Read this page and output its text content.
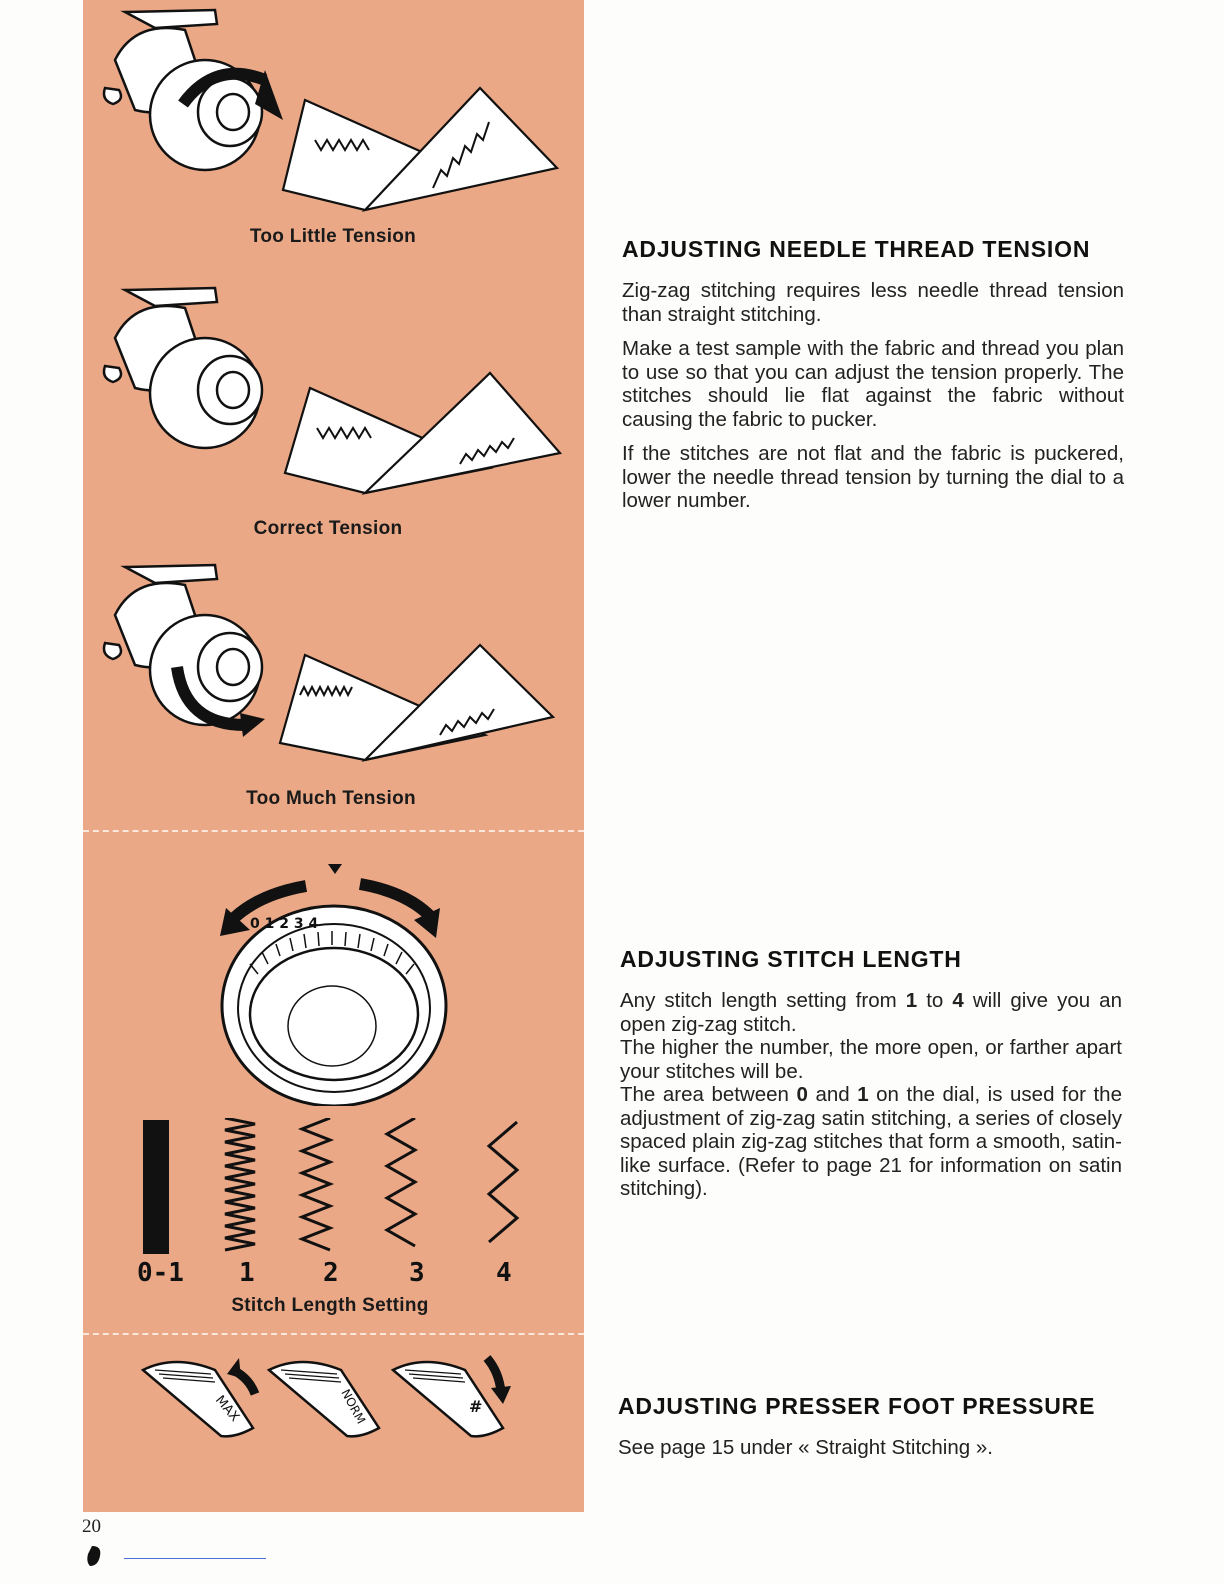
Too Little Tension
Correct Tension
Too Much Tension
0 1 2 3 4
0-1 1	2	3	4
Stitch Length Setting
MAX	NORM	#
ADJUSTING NEEDLE THREAD TENSION

Zig-zag stitching requires less needle thread tension than straight stitching.

Make a test sample with the fabric and thread you plan to use so that you can adjust the tension properly. The stitches should lie flat against the fabric without causing the fabric to pucker.

If the stitches are not flat and the fabric is puckered, lower the needle thread tension by turning the dial to a lower number.

ADJUSTING STITCH LENGTH

Any stitch length setting from 1 to 4 will give you an open zig-zag stitch.

The higher the number, the more open, or farther apart your stitches will be.

The area between 0 and 1 on the dial, is used for the adjustment of zig-zag satin stitching, a series of closely spaced plain zig-zag stitches that form a smooth, satin-like surface. (Refer to page 21 for information on satin stitching).

ADJUSTING PRESSER FOOT PRESSURE

See page 15 under « Straight Stitching ».

20
